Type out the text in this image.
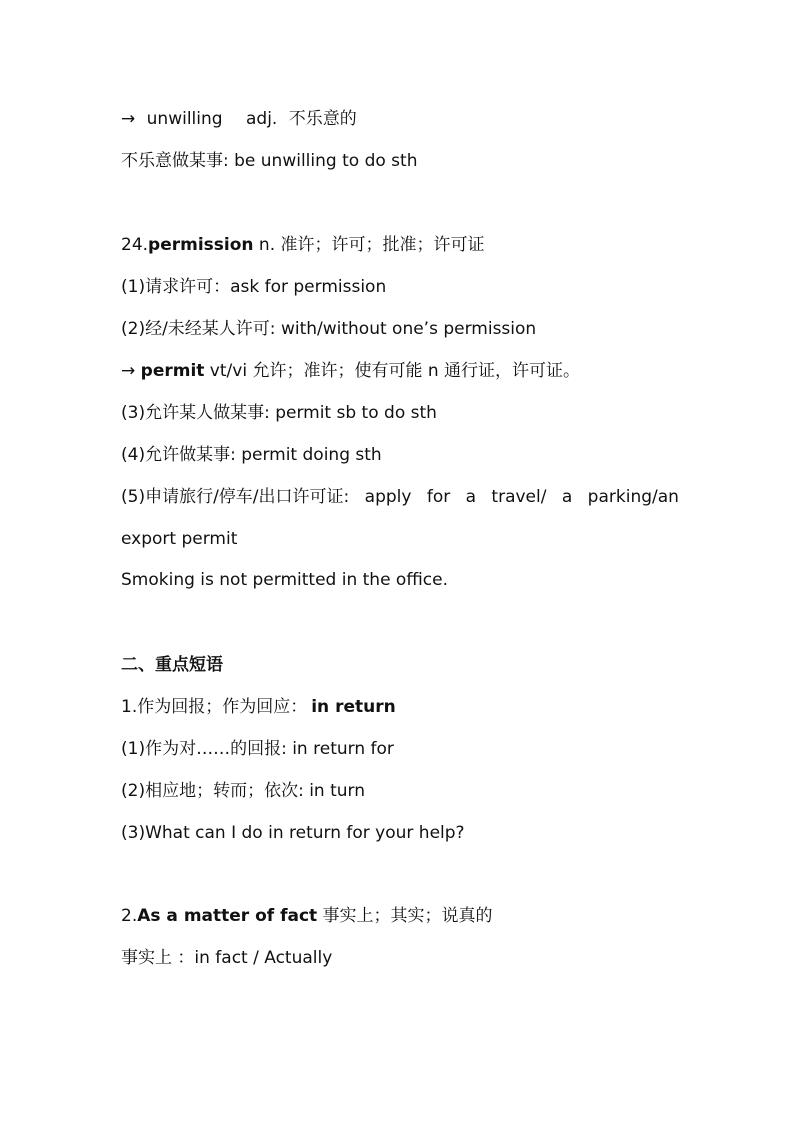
→ unwilling adj. 不乐意的
不乐意做某事: be unwilling to do sth
24.permission n. 准许；许可；批准；许可证
(1)请求许可：ask for permission
(2)经/未经某人许可: with/without one’s permission
→ permit vt/vi 允许；准许；使有可能 n 通行证，许可证。
(3)允许某人做某事: permit sb to do sth
(4)允许做某事: permit doing sth
(5)申请旅行/停车/出口许可证: apply for a travel/ a parking/an
export permit
Smoking is not permitted in the office.
二、重点短语
1.作为回报；作为回应： in return
(1)作为对……的回报: in return for
(2)相应地；转而；依次: in turn
(3)What can I do in return for your help?
2.As a matter of fact 事实上；其实；说真的
事实上 ：in fact / Actually
